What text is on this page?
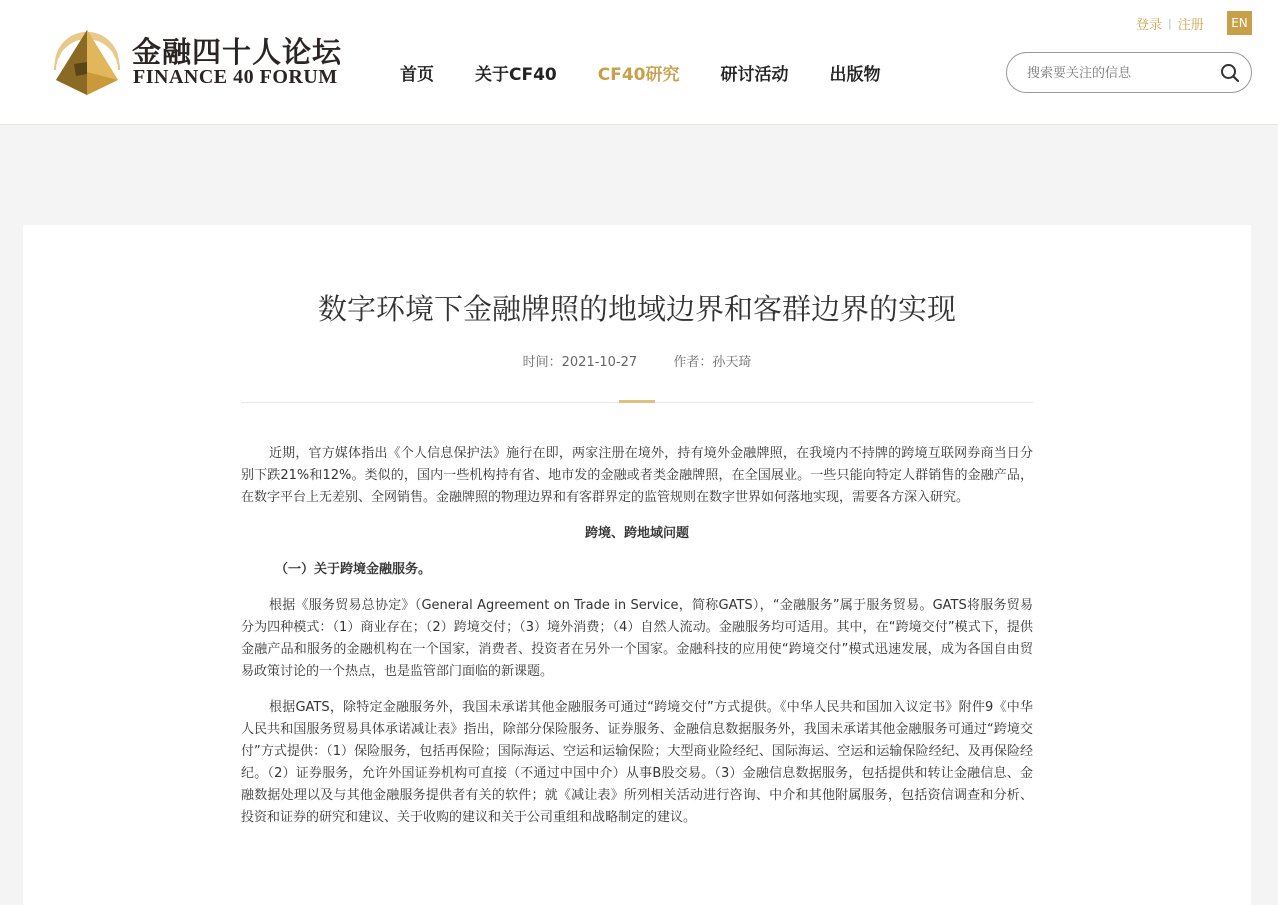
金融四十人论坛
FINANCE 40 FORUM	首页 关于CF40 CF40研究 研讨活动 出版物
登录 | 注册	EN
搜索要关注的信息
数字环境下金融牌照的地域边界和客群边界的实现
时间：2021-10-27	作者：孙天琦

近期，官方媒体指出《个人信息保护法》施行在即，两家注册在境外，持有境外金融牌照，在我境内不持牌的跨境互联网券商当日分别下跌21%和12%。类似的，国内一些机构持有省、地市发的金融或者类金融牌照，在全国展业。一些只能向特定人群销售的金融产品，在数字平台上无差别、全网销售。金融牌照的物理边界和有客群界定的监管规则在数字世界如何落地实现，需要各方深入研究。

跨境、跨地域问题

（一）关于跨境金融服务。

根据《服务贸易总协定》（General Agreement on Trade in Service，简称GATS），“金融服务”属于服务贸易。GATS将服务贸易分为四种模式：（1）商业存在；（2）跨境交付；（3）境外消费；（4）自然人流动。金融服务均可适用。其中，在“跨境交付”模式下，提供金融产品和服务的金融机构在一个国家，消费者、投资者在另外一个国家。金融科技的应用使“跨境交付”模式迅速发展，成为各国自由贸易政策讨论的一个热点，也是监管部门面临的新课题。

根据GATS，除特定金融服务外，我国未承诺其他金融服务可通过“跨境交付”方式提供。《中华人民共和国加入议定书》附件9《中华人民共和国服务贸易具体承诺减让表》指出，除部分保险服务、证券服务、金融信息数据服务外，我国未承诺其他金融服务可通过“跨境交付”方式提供：（1）保险服务，包括再保险；国际海运、空运和运输保险；大型商业险经纪、国际海运、空运和运输保险经纪、及再保险经纪。（2）证券服务，允许外国证券机构可直接（不通过中国中介）从事B股交易。（3）金融信息数据服务，包括提供和转让金融信息、金融数据处理以及与其他金融服务提供者有关的软件；就《减让表》所列相关活动进行咨询、中介和其他附属服务，包括资信调查和分析、投资和证券的研究和建议、关于收购的建议和关于公司重组和战略制定的建议。
